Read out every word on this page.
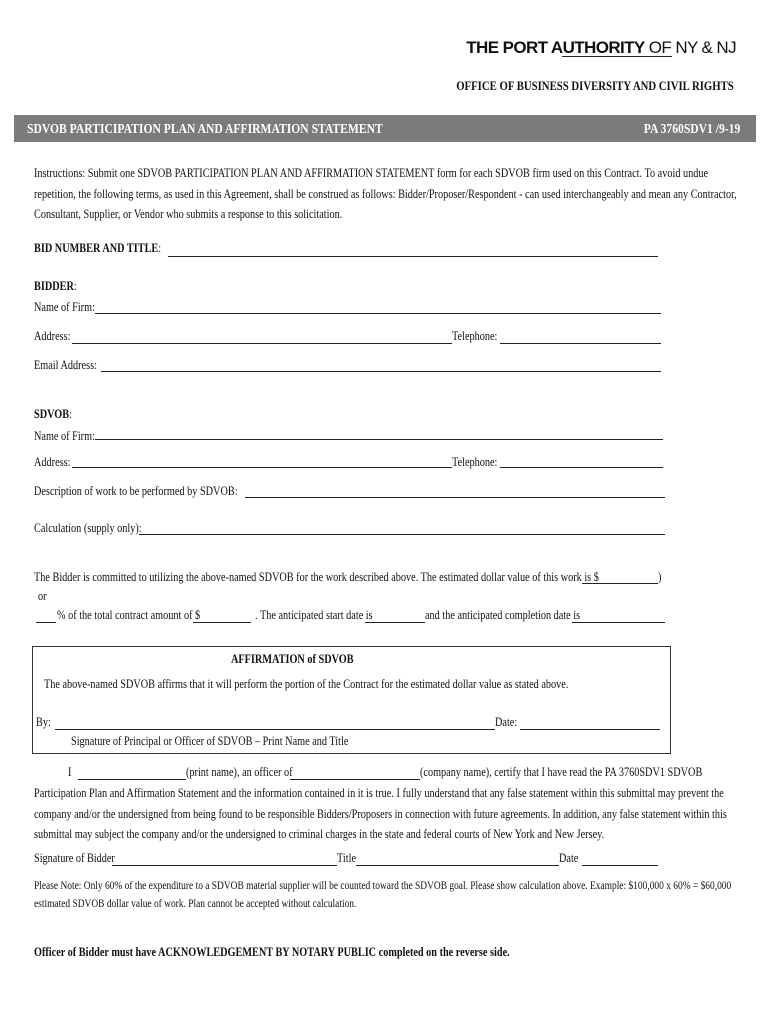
THE PORT AUTHORITY OF NY & NJ
OFFICE OF BUSINESS DIVERSITY AND CIVIL RIGHTS
SDVOB PARTICIPATION PLAN AND AFFIRMATION STATEMENT	PA 3760SDV1 /9-19
Instructions: Submit one SDVOB PARTICIPATION PLAN AND AFFIRMATION STATEMENT form for each SDVOB firm used on this Contract. To avoid undue repetition, the following terms, as used in this Agreement, shall be construed as follows: Bidder/Proposer/Respondent - can used interchangeably and mean any Contractor, Consultant, Supplier, or Vendor who submits a response to this solicitation.
BID NUMBER AND TITLE:
BIDDER:
Name of Firm:
Address:	Telephone:
Email Address:
SDVOB:
Name of Firm:
Address:	Telephone:
Description of work to be performed by SDVOB:
Calculation (supply only):
The Bidder is committed to utilizing the above-named SDVOB for the work described above. The estimated dollar value of this work is $	)
or
% of the total contract amount of $	. The anticipated start date is	and the anticipated completion date is
AFFIRMATION of SDVOB
The above-named SDVOB affirms that it will perform the portion of the Contract for the estimated dollar value as stated above.
By:	Date:
Signature of Principal or Officer of SDVOB – Print Name and Title
I	(print name), an officer of	(company name), certify that I have read the PA 3760SDV1 SDVOB
Participation Plan and Affirmation Statement and the information contained in it is true. I fully understand that any false statement within this submittal may prevent the company and/or the undersigned from being found to be responsible Bidders/Proposers in connection with future agreements. In addition, any false statement within this submittal may subject the company and/or the undersigned to criminal charges in the state and federal courts of New York and New Jersey.
Signature of Bidder	Title	Date
Please Note: Only 60% of the expenditure to a SDVOB material supplier will be counted toward the SDVOB goal. Please show calculation above. Example: $100,000 x 60% = $60,000
estimated SDVOB dollar value of work. Plan cannot be accepted without calculation.
Officer of Bidder must have ACKNOWLEDGEMENT BY NOTARY PUBLIC completed on the reverse side.
